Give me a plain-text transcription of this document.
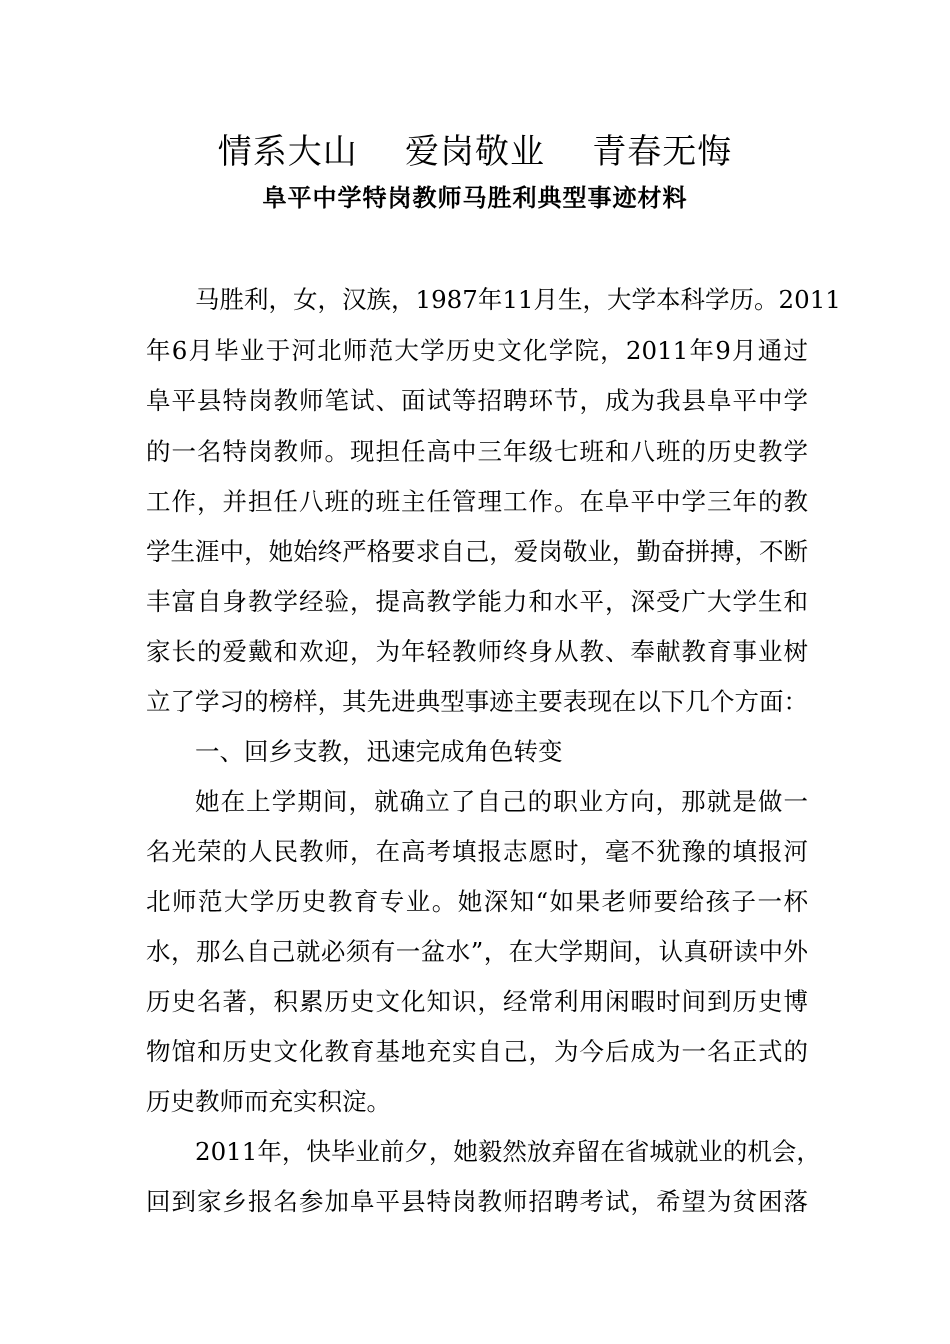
情系大山    爱岗敬业    青春无悔
阜平中学特岗教师马胜利典型事迹材料
马胜利，女，汉族，1987年11月生，大学本科学历。2011
年6月毕业于河北师范大学历史文化学院，2011年9月通过
阜平县特岗教师笔试、面试等招聘环节，成为我县阜平中学
的一名特岗教师。现担任高中三年级七班和八班的历史教学
工作，并担任八班的班主任管理工作。在阜平中学三年的教
学生涯中，她始终严格要求自己，爱岗敬业，勤奋拼搏，不断
丰富自身教学经验，提高教学能力和水平，深受广大学生和
家长的爱戴和欢迎，为年轻教师终身从教、奉献教育事业树
立了学习的榜样，其先进典型事迹主要表现在以下几个方面：
一、回乡支教，迅速完成角色转变
她在上学期间，就确立了自己的职业方向，那就是做一
名光荣的人民教师，在高考填报志愿时，毫不犹豫的填报河
北师范大学历史教育专业。她深知“如果老师要给孩子一杯
水，那么自己就必须有一盆水”，在大学期间，认真研读中外
历史名著，积累历史文化知识，经常利用闲暇时间到历史博
物馆和历史文化教育基地充实自己，为今后成为一名正式的
历史教师而充实积淀。
2011年，快毕业前夕，她毅然放弃留在省城就业的机会，
回到家乡报名参加阜平县特岗教师招聘考试，希望为贫困落
